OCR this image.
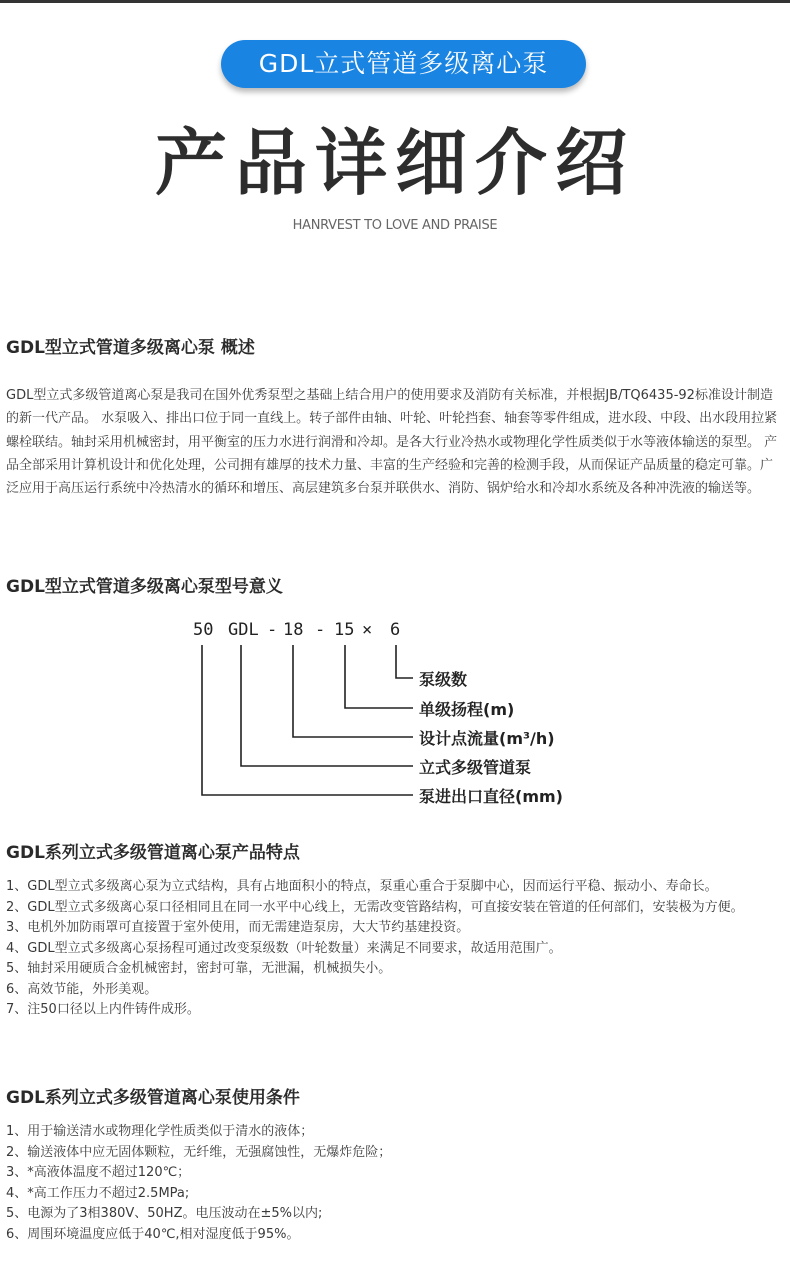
GDL立式管道多级离心泵
产品详细介绍
HANRVEST TO LOVE AND PRAISE
GDL型立式管道多级离心泵 概述

GDL型立式多级管道离心泵是我司在国外优秀泵型之基础上结合用户的使用要求及消防有关标准，并根据JB/TQ6435-92标准设计制造的新一代产品。 水泵吸入、排出口位于同一直线上。转子部件由轴、叶轮、叶轮挡套、轴套等零件组成，进水段、中段、出水段用拉紧螺栓联结。轴封采用机械密封，用平衡室的压力水进行润滑和冷却。是各大行业冷热水或物理化学性质类似于水等液体输送的泵型。 产品全部采用计算机设计和优化处理，公司拥有雄厚的技术力量、丰富的生产经验和完善的检测手段，从而保证产品质量的稳定可靠。广泛应用于高压运行系统中冷热清水的循环和增压、高层建筑多台泵并联供水、消防、锅炉给水和冷却水系统及各种冲洗液的输送等。

GDL型立式管道多级离心泵型号意义
50 GDL - 18 - 15 × 6
泵级数
单级扬程(m)
设计点流量(m³/h)
立式多级管道泵
泵进出口直径(mm)
GDL系列立式多级管道离心泵产品特点
1、GDL型立式多级离心泵为立式结构，具有占地面积小的特点，泵重心重合于泵脚中心，因而运行平稳、振动小、寿命长。
2、GDL型立式多级离心泵口径相同且在同一水平中心线上，无需改变管路结构，可直接安装在管道的任何部们，安装极为方便。
3、电机外加防雨罩可直接置于室外使用，而无需建造泵房，大大节约基建投资。
4、GDL型立式多级离心泵扬程可通过改变泵级数（叶轮数量）来满足不同要求，故适用范围广。
5、轴封采用硬质合金机械密封，密封可靠，无泄漏，机械损失小。
6、高效节能，外形美观。
7、注50口径以上内件铸件成形。
GDL系列立式多级管道离心泵使用条件
1、用于输送清水或物理化学性质类似于清水的液体；
2、输送液体中应无固体颗粒，无纤维，无强腐蚀性，无爆炸危险；
3、*高液体温度不超过120℃；
4、*高工作压力不超过2.5MPa;
5、电源为了3相380V、50HZ。电压波动在±5%以内;
6、周围环境温度应低于40℃,相对湿度低于95%。
